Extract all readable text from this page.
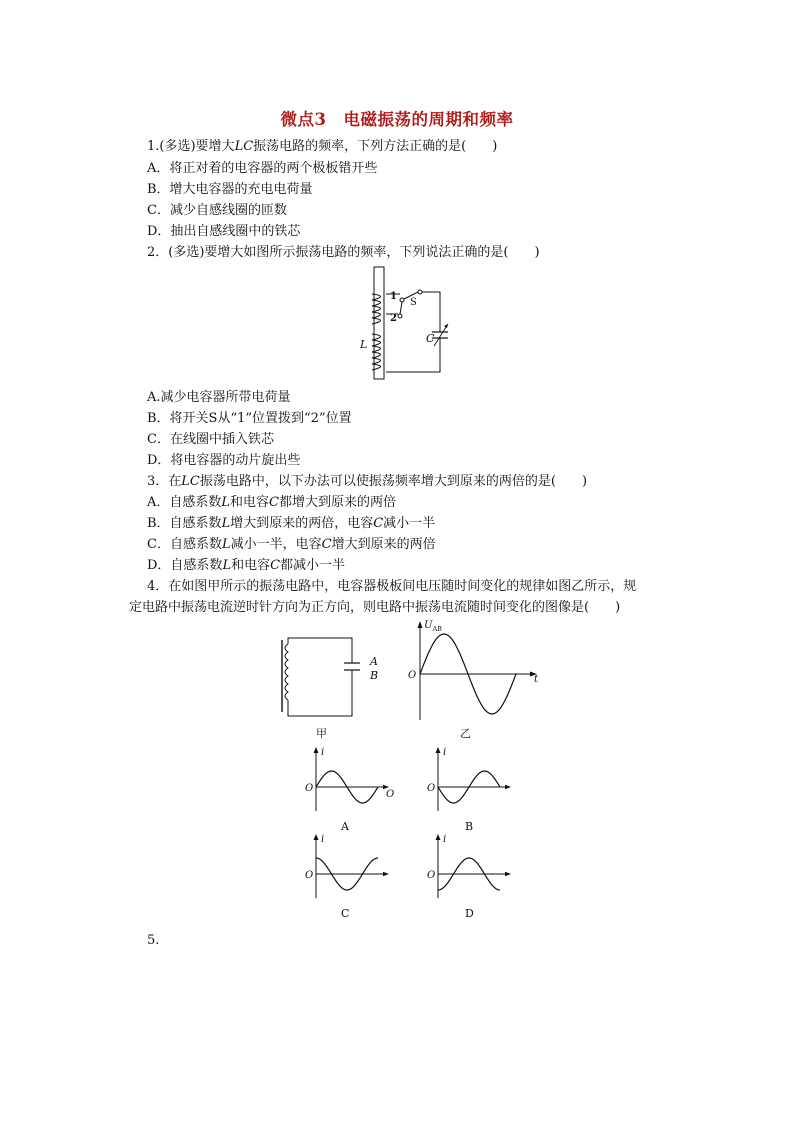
微点3　电磁振荡的周期和频率
1.(多选)要增大LC振荡电路的频率，下列方法正确的是(　　)
A．将正对着的电容器的两个极板错开些
B．增大电容器的充电电荷量
C．减少自感线圈的匝数
D．抽出自感线圈中的铁芯
2．(多选)要增大如图所示振荡电路的频率，下列说法正确的是(　　)
1
2
S
C
L
A.减少电容器所带电荷量
B．将开关S从“1”位置拨到“2”位置
C．在线圈中插入铁芯
D．将电容器的动片旋出些
3．在LC振荡电路中，以下办法可以使振荡频率增大到原来的两倍的是(　　)
A．自感系数L和电容C都增大到原来的两倍
B．自感系数L增大到原来的两倍，电容C减小一半
C．自感系数L减小一半，电容C增大到原来的两倍
D．自感系数L和电容C都减小一半
4．在如图甲所示的振荡电路中，电容器极板间电压随时间变化的规律如图乙所示，规
定电路中振荡电流逆时针方向为正方向，则电路中振荡电流随时间变化的图像是(　　)
A
B
甲
$U_{AB}$
O	t
乙
i
O
O
A
i
O
B
i
O
C
i
O
D
5.
